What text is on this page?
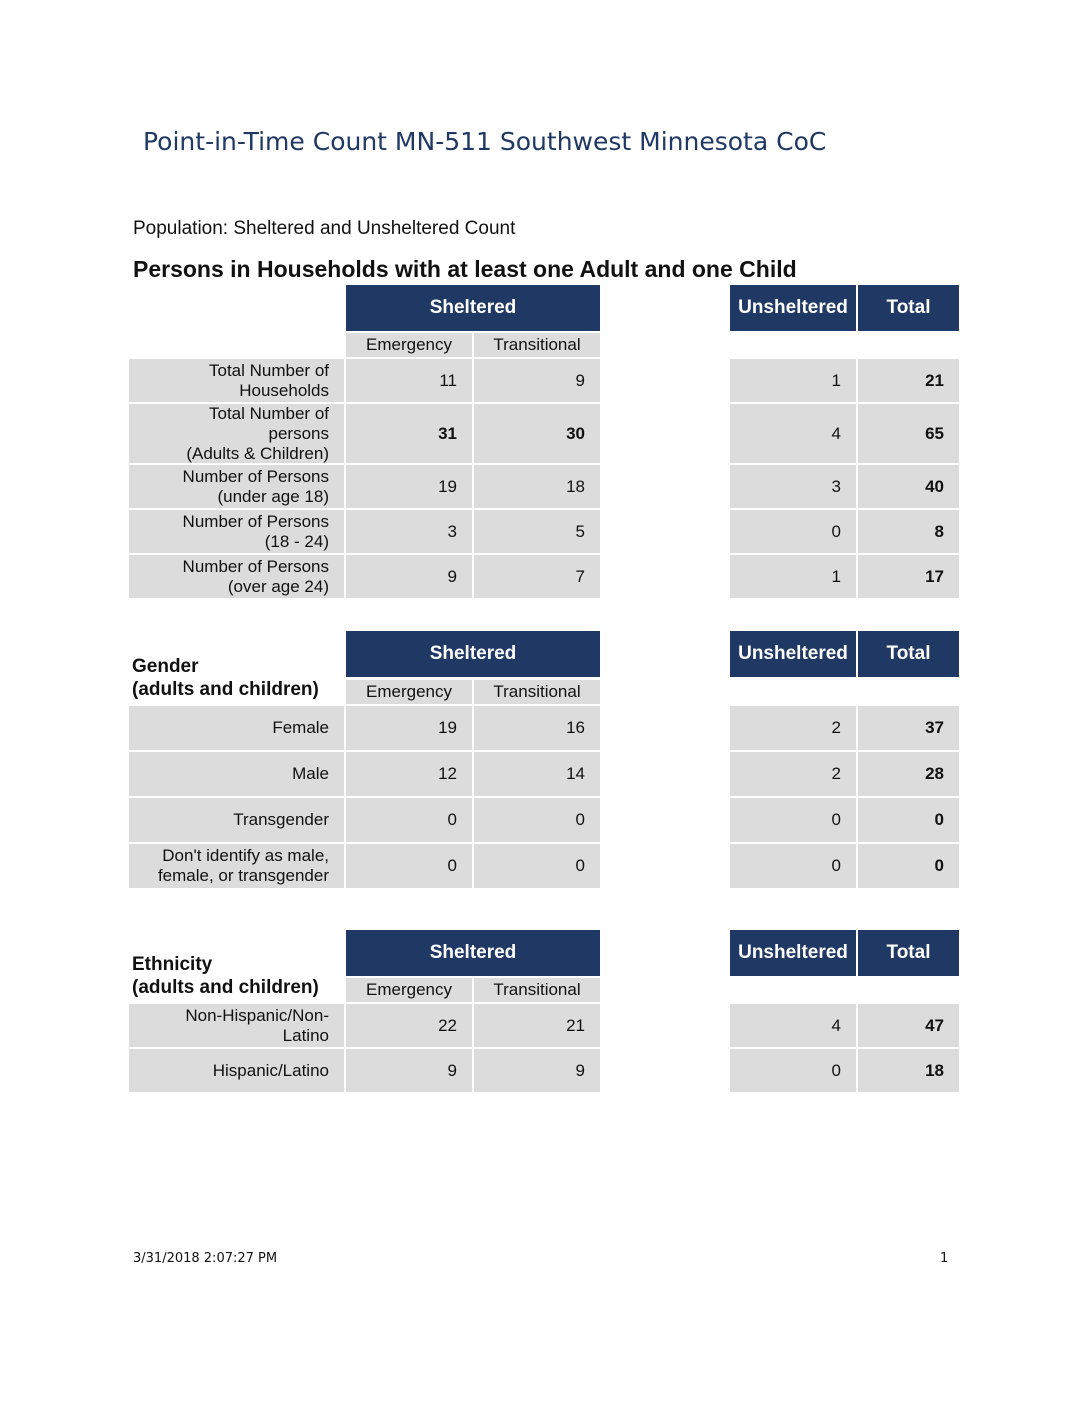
Point-in-Time Count MN-511 Southwest Minnesota CoC
Population: Sheltered and Unsheltered Count
Persons in Households with at least one Adult and one Child
Sheltered	Unsheltered Total
Emergency Transitional
Total Number of
Households
11	9	1	21
Total Number of
persons
(Adults & Children)
31	30	4	65
Number of Persons
(under age 18)
19	18	3	40
Number of Persons
(18 - 24)
3	5	0	8
Number of Persons
(over age 24)
9	7	1	17
Gender
(adults and children)
Sheltered	Unsheltered Total
Emergency Transitional
Female	19	16	2	37
Male	12	14	2	28
Transgender	0	0	0	0
Don't identify as male,
female, or transgender
0	0	0	0
Ethnicity
(adults and children)
Sheltered	Unsheltered Total
Emergency Transitional
Non-Hispanic/Non-
Latino
22	21	4	47
Hispanic/Latino	9	9	0	18
3/31/2018 2:07:27 PM	1
